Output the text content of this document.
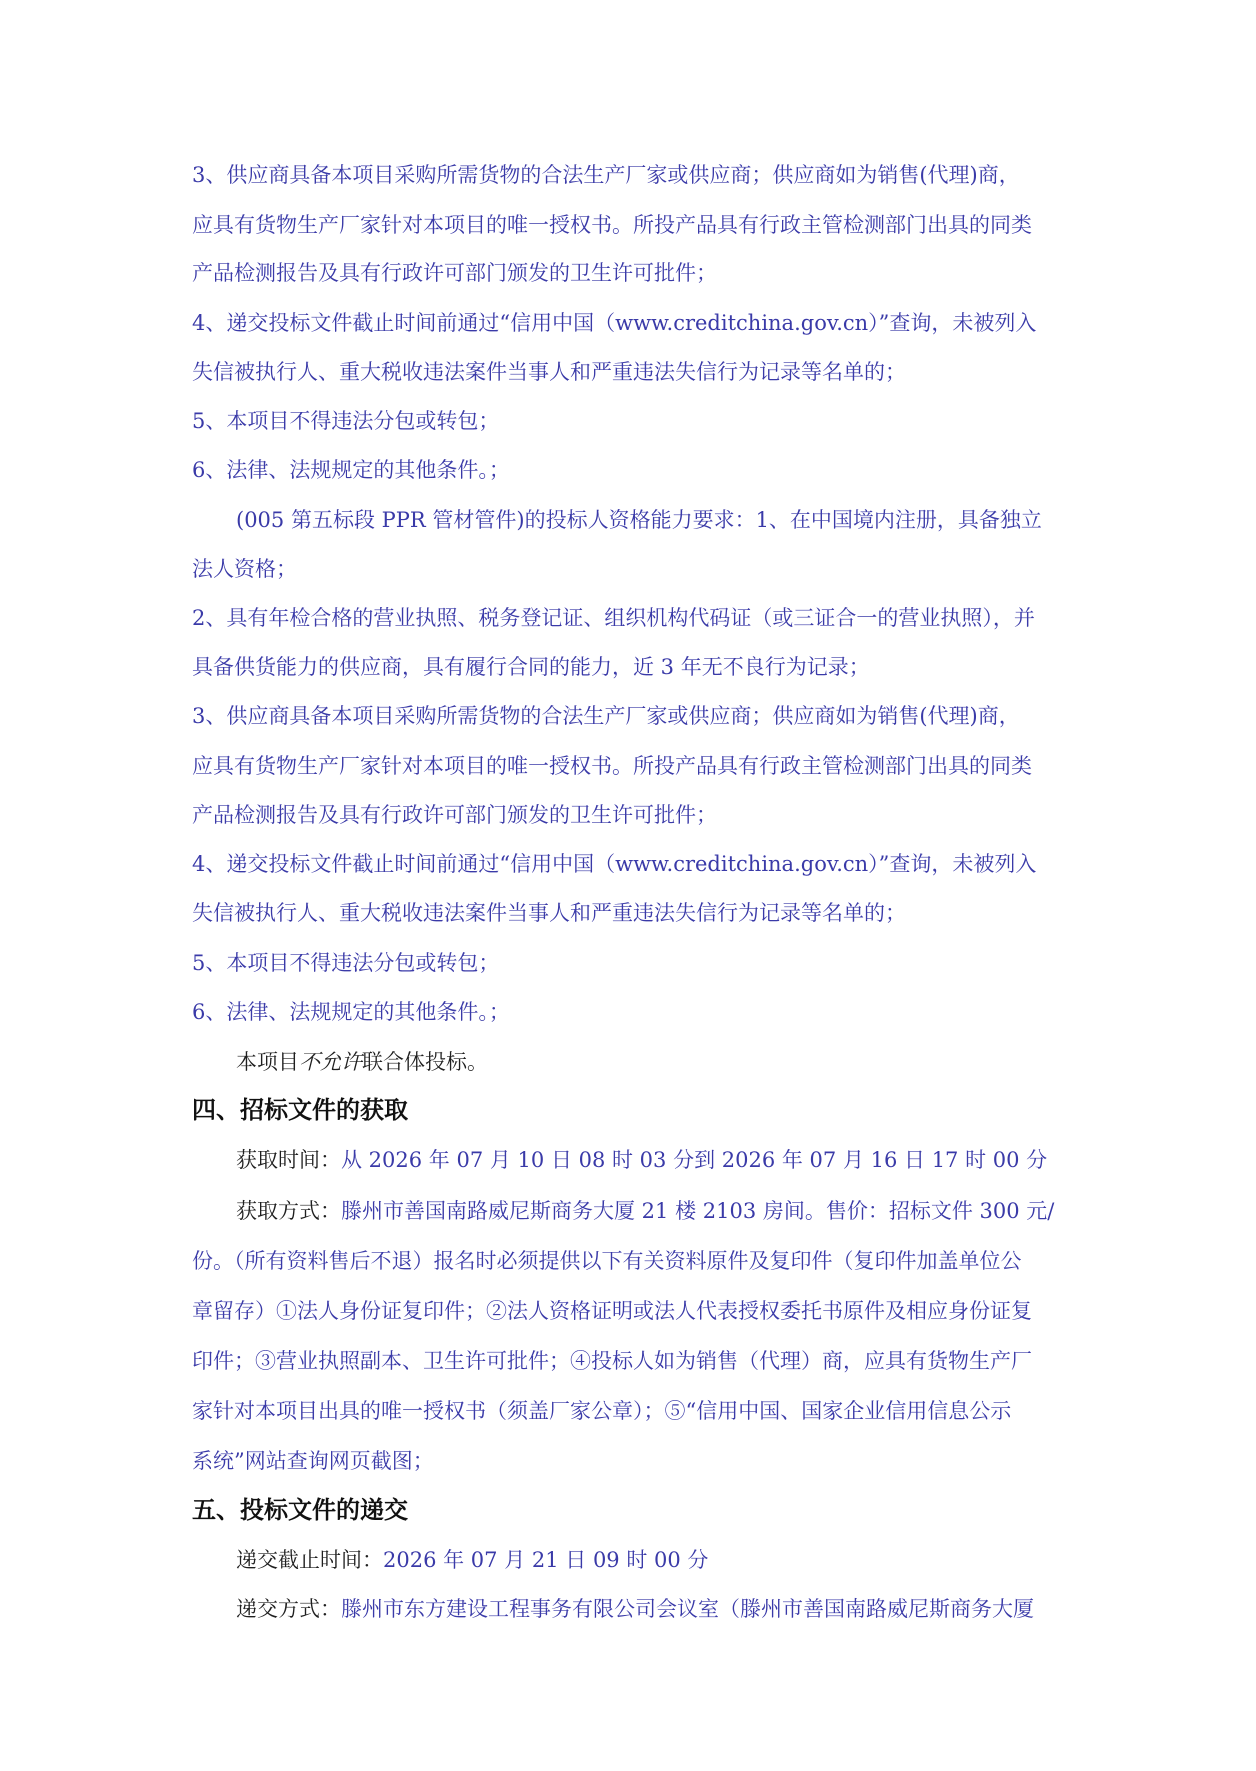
3、供应商具备本项目采购所需货物的合法生产厂家或供应商；供应商如为销售(代理)商，
应具有货物生产厂家针对本项目的唯一授权书。所投产品具有行政主管检测部门出具的同类
产品检测报告及具有行政许可部门颁发的卫生许可批件；
4、递交投标文件截止时间前通过“信用中国（www.creditchina.gov.cn）”查询，未被列入
失信被执行人、重大税收违法案件当事人和严重违法失信行为记录等名单的；
5、本项目不得违法分包或转包；
6、法律、法规规定的其他条件。；
(005 第五标段 PPR 管材管件)的投标人资格能力要求：1、在中国境内注册，具备独立
法人资格；
2、具有年检合格的营业执照、税务登记证、组织机构代码证（或三证合一的营业执照），并
具备供货能力的供应商，具有履行合同的能力，近 3 年无不良行为记录；
3、供应商具备本项目采购所需货物的合法生产厂家或供应商；供应商如为销售(代理)商，
应具有货物生产厂家针对本项目的唯一授权书。所投产品具有行政主管检测部门出具的同类
产品检测报告及具有行政许可部门颁发的卫生许可批件；
4、递交投标文件截止时间前通过“信用中国（www.creditchina.gov.cn）”查询，未被列入
失信被执行人、重大税收违法案件当事人和严重违法失信行为记录等名单的；
5、本项目不得违法分包或转包；
6、法律、法规规定的其他条件。；
本项目不允许联合体投标。
四、招标文件的获取
获取时间：从 2026 年 07 月 10 日 08 时 03 分到 2026 年 07 月 16 日 17 时 00 分
获取方式：滕州市善国南路威尼斯商务大厦 21 楼 2103 房间。售价：招标文件 300 元/
份。（所有资料售后不退）报名时必须提供以下有关资料原件及复印件（复印件加盖单位公
章留存）①法人身份证复印件；②法人资格证明或法人代表授权委托书原件及相应身份证复
印件；③营业执照副本、卫生许可批件；④投标人如为销售（代理）商，应具有货物生产厂
家针对本项目出具的唯一授权书（须盖厂家公章）；⑤“信用中国、国家企业信用信息公示
系统”网站查询网页截图；
五、投标文件的递交
递交截止时间：2026 年 07 月 21 日 09 时 00 分
递交方式：滕州市东方建设工程事务有限公司会议室（滕州市善国南路威尼斯商务大厦
